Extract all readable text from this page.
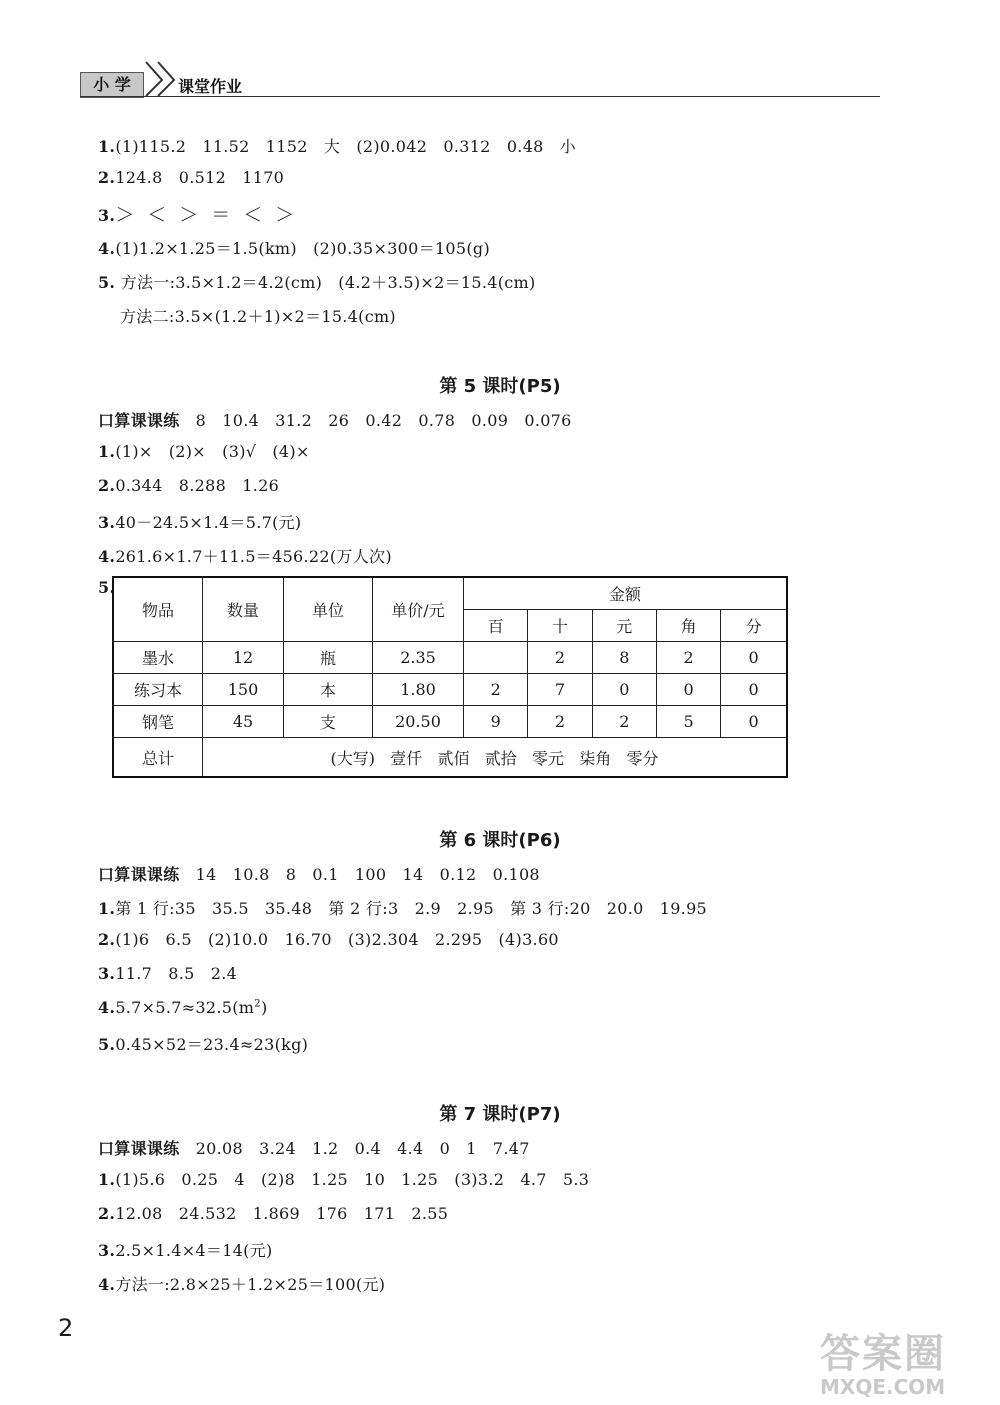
小 学	课堂作业
1.(1)115.2   11.52   1152   大   (2)0.042   0.312   0.48   小
2.124.8   0.512   1170
3.＞  ＜  ＞  ＝  ＜  ＞
4.(1)1.2×1.25＝1.5(km)   (2)0.35×300＝105(g)
5. 方法一:3.5×1.2＝4.2(cm)   (4.2＋3.5)×2＝15.4(cm)
方法二:3.5×(1.2＋1)×2＝15.4(cm)
第 5 课时(P5)
口算课课练   8   10.4   31.2   26   0.42   0.78   0.09   0.076
1.(1)×   (2)×   (3)√   (4)×
2.0.344   8.288   1.26
3.40－24.5×1.4＝5.7(元)
4.261.6×1.7＋11.5＝456.22(万人次)
5.
物品	数量	单位	单价/元	金额				
				百	十	元	角	分
墨水	12	瓶	2.35		2	8	2	0
练习本	150	本	1.80	2	7	0	0	0
钢笔	45	支	20.50	9	2	2	5	0
总计	(大写)   壹仟   贰佰   贰拾   零元   柒角   零分							
第 6 课时(P6)
口算课课练   14   10.8   8   0.1   100   14   0.12   0.108
1.第 1 行:35   35.5   35.48   第 2 行:3   2.9   2.95   第 3 行:20   20.0   19.95
2.(1)6   6.5   (2)10.0   16.70   (3)2.304   2.295   (4)3.60
3.11.7   8.5   2.4
$4.5.7\times 5.7\approx 32.5(m^2)$
5.0.45×52＝23.4≈23(kg)
第 7 课时(P7)
口算课课练   20.08   3.24   1.2   0.4   4.4   0   1   7.47
1.(1)5.6   0.25   4   (2)8   1.25   10   1.25   (3)3.2   4.7   5.3
2.12.08   24.532   1.869   176   171   2.55
3.2.5×1.4×4＝14(元)
4.方法一:2.8×25＋1.2×25＝100(元)
2
答案圈
MXQE.COM
